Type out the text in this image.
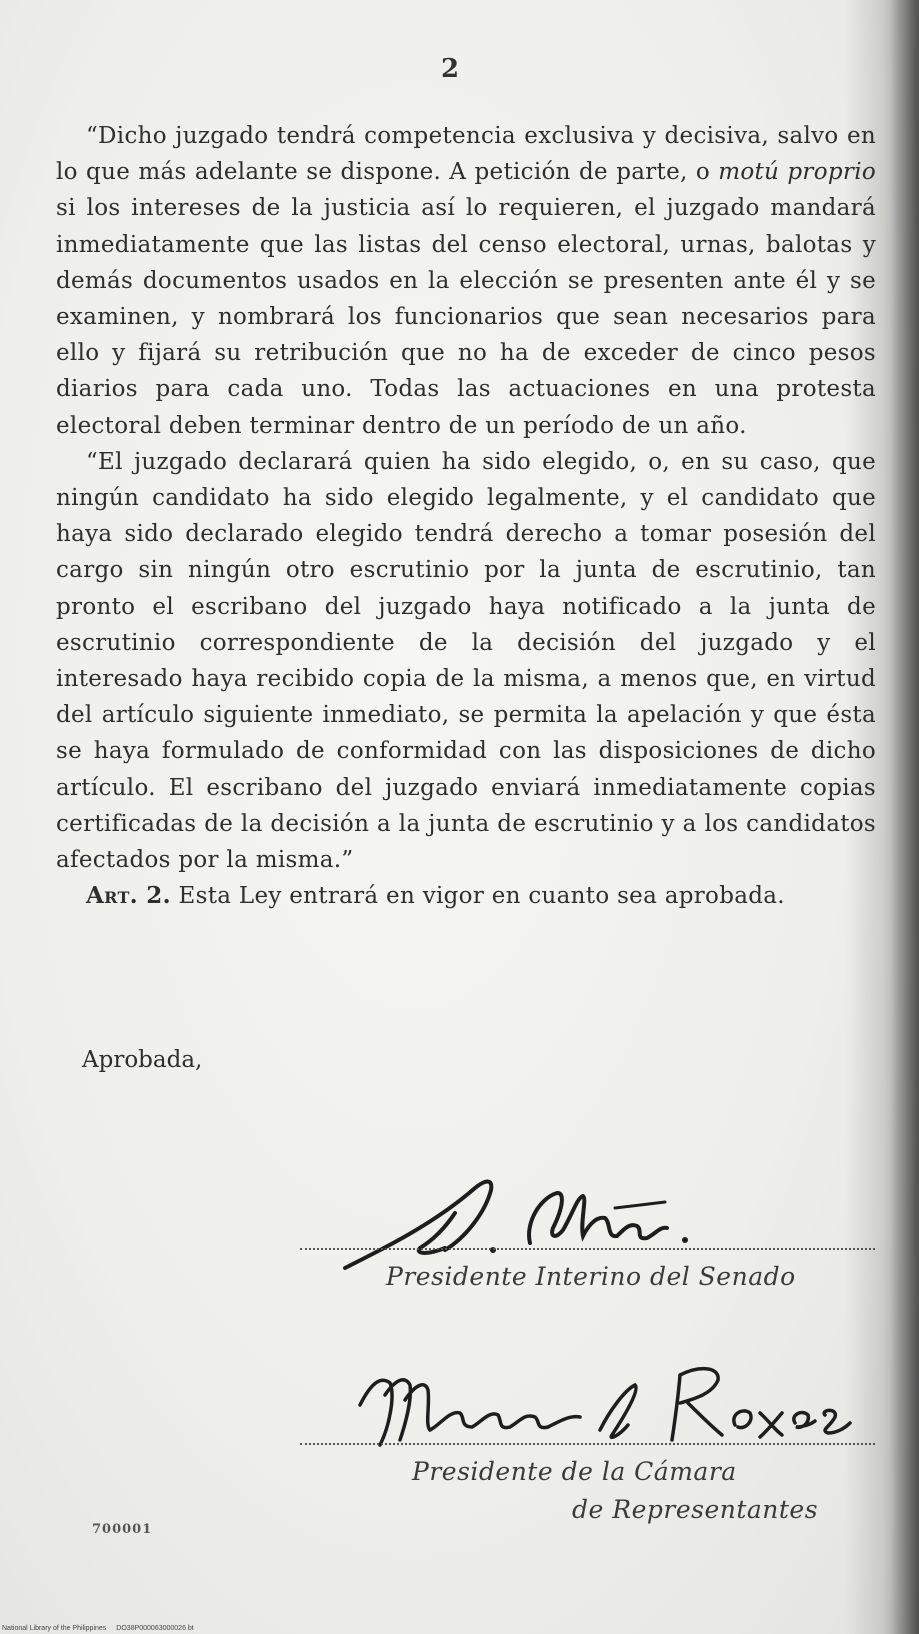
2

“Dicho juzgado tendrá competencia exclusiva y decisiva, salvo en lo que más adelante se dispone. A petición de parte, o motú proprio si los intereses de la justicia así lo requieren, el juzgado mandará inmediatamente que las listas del censo electoral, urnas, balotas y demás documentos usados en la elección se presenten ante él y se examinen, y nombrará los funcionarios que sean necesarios para ello y fijará su retribución que no ha de exceder de cinco pesos diarios para cada uno. Todas las actuaciones en una protesta electoral deben terminar dentro de un período de un año.

“El juzgado declarará quien ha sido elegido, o, en su caso, que ningún candidato ha sido elegido legalmente, y el candidato que haya sido declarado elegido tendrá derecho a tomar posesión del cargo sin ningún otro escrutinio por la junta de escrutinio, tan pronto el escribano del juzgado haya notificado a la junta de escrutinio correspondiente de la decisión del juzgado y el interesado haya recibido copia de la misma, a menos que, en virtud del artículo siguiente inmediato, se permita la apelación y que ésta se haya formulado de conformidad con las disposiciones de dicho artículo. El escribano del juzgado enviará inmediatamente copias certificadas de la decisión a la junta de escrutinio y a los candidatos afectados por la misma.”

Art. 2. Esta Ley entrará en vigor en cuanto sea aprobada.

Aprobada,
Presidente Interino del Senado
Presidente de la Cámara
de Representantes
700001
National Library of the Philippines DO38P000063000026 bt
